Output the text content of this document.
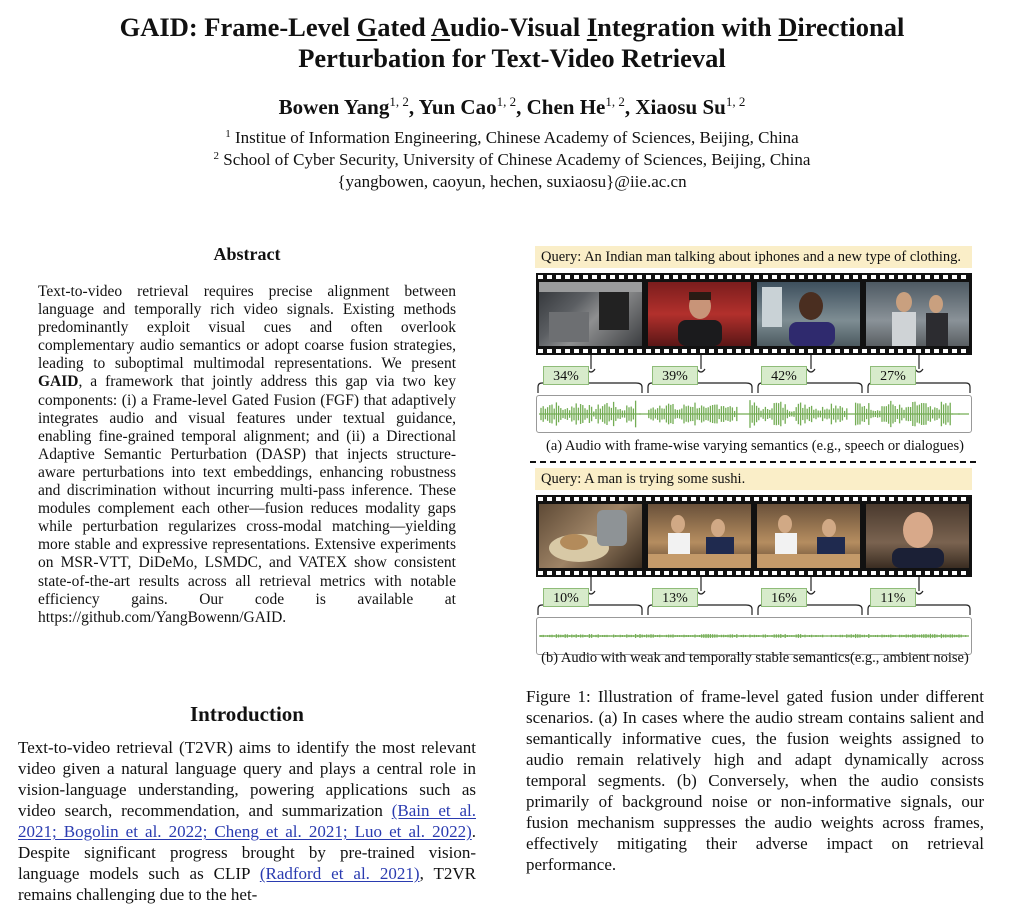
GAID: Frame-Level Gated Audio-Visual Integration with Directional
Perturbation for Text-Video Retrieval
Bowen Yang$^{1, 2}$, Yun Cao$^{1, 2}$, Chen He$^{1, 2}$, Xiaosu Su$^{1, 2}$
$^1$ Institue of Information Engineering, Chinese Academy of Sciences, Beijing, China
$^2$ School of Cyber Security, University of Chinese Academy of Sciences, Beijing, China
{yangbowen, caoyun, hechen, suxiaosu}@iie.ac.cn
Abstract

Text-to-video retrieval requires precise alignment between language and temporally rich video signals. Existing methods predominantly exploit visual cues and often overlook complementary audio semantics or adopt coarse fusion strategies, leading to suboptimal multimodal representations. We present GAID, a framework that jointly address this gap via two key components: (i) a Frame-level Gated Fusion (FGF) that adaptively integrates audio and visual features under textual guidance, enabling fine-grained temporal alignment; and (ii) a Directional Adaptive Semantic Perturbation (DASP) that injects structure-aware perturbations into text embeddings, enhancing robustness and discrimination without incurring multi-pass inference. These modules complement each other—fusion reduces modality gaps while perturbation regularizes cross-modal matching—yielding more stable and expressive representations. Extensive experiments on MSR-VTT, DiDeMo, LSMDC, and VATEX show consistent state-of-the-art results across all retrieval metrics with notable efficiency gains. Our code is available at https://github.com/YangBowenn/GAID.

Introduction

Text-to-video retrieval (T2VR) aims to identify the most relevant video given a natural language query and plays a central role in vision-language understanding, powering applications such as video search, recommendation, and summarization (Bain et al. 2021; Bogolin et al. 2022; Cheng et al. 2021; Luo et al. 2022). Despite significant progress brought by pre-trained vision-language models such as CLIP (Radford et al. 2021), T2VR remains challenging due to the het-

Query: An Indian man talking about iphones and a new type of clothing.
34%	39%	42%	27%
(a) Audio with frame-wise varying semantics (e.g., speech or dialogues)
Query: A man is trying some sushi.
10%	13%	16%	11%
(b) Audio with weak and temporally stable semantics(e.g., ambient noise)

Figure 1: Illustration of frame-level gated fusion under different scenarios. (a) In cases where the audio stream contains salient and semantically informative cues, the fusion weights assigned to audio remain relatively high and adapt dynamically across temporal segments. (b) Conversely, when the audio consists primarily of background noise or non-informative signals, our fusion mechanism suppresses the audio weights across frames, effectively mitigating their adverse impact on retrieval performance.
